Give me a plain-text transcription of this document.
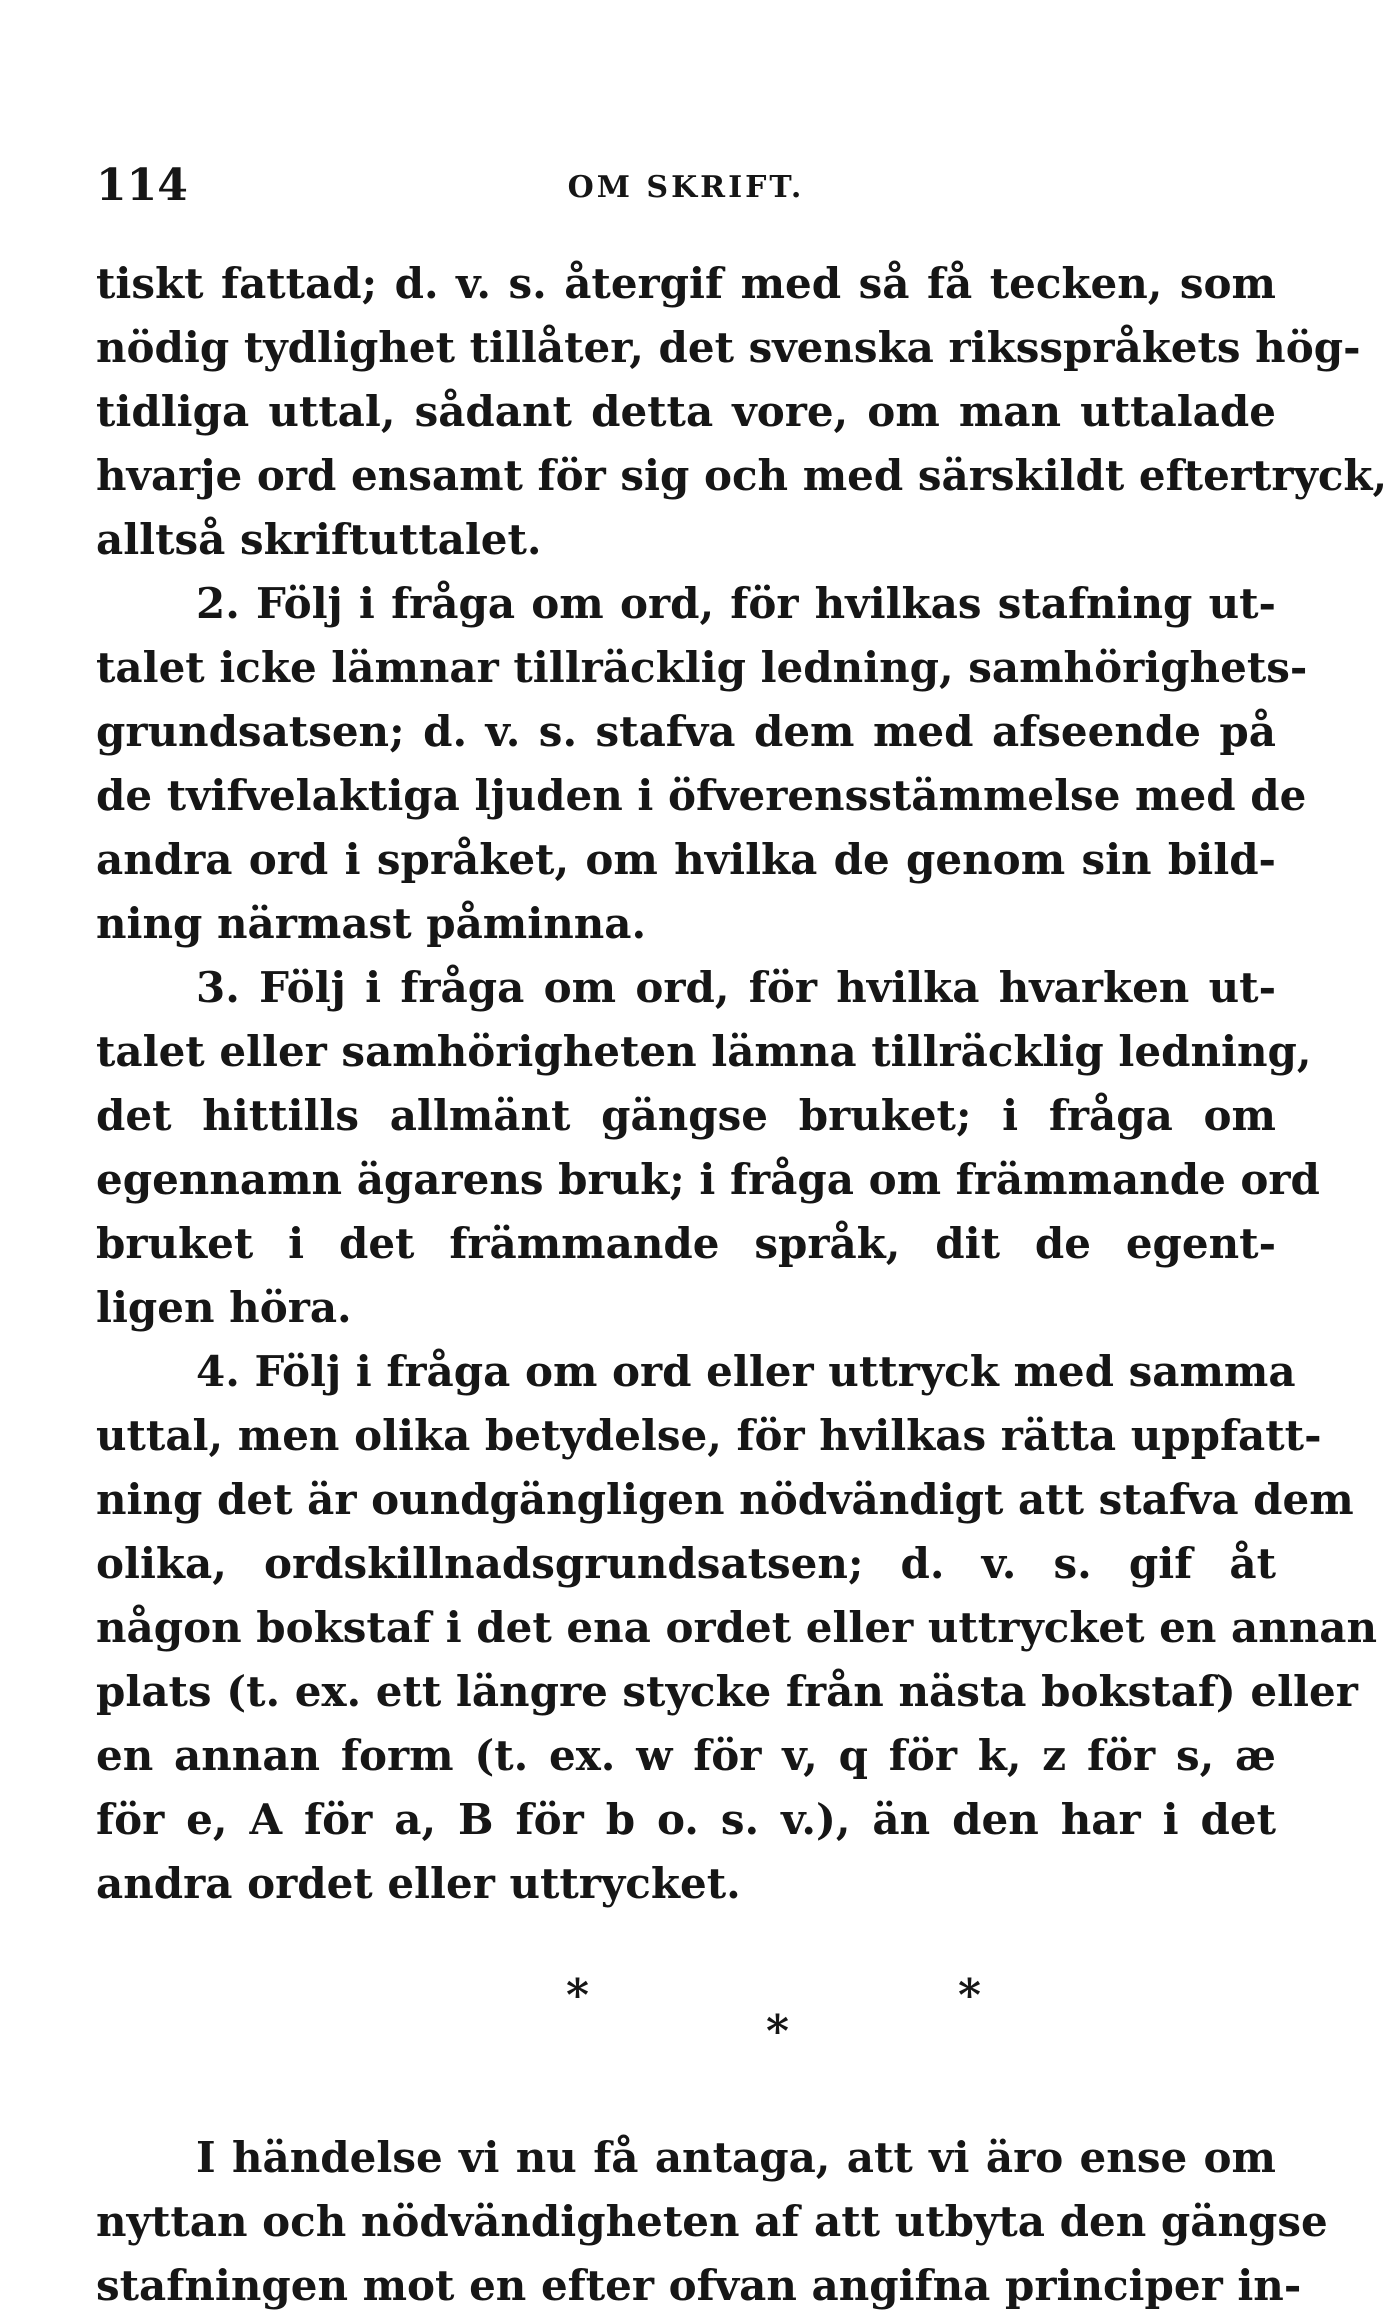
114	OM SKRIFT.
tiskt fattad; d. v. s. återgif med så få tecken, som
nödig tydlighet tillåter, det svenska riksspråkets hög-
tidliga uttal, sådant detta vore, om man uttalade
hvarje ord ensamt för sig och med särskildt eftertryck,
alltså skriftuttalet.
2. Följ i fråga om ord, för hvilkas stafning ut-
talet icke lämnar tillräcklig ledning, samhörighets-
grundsatsen; d. v. s. stafva dem med afseende på
de tvifvelaktiga ljuden i öfverensstämmelse med de
andra ord i språket, om hvilka de genom sin bild-
ning närmast påminna.
3. Följ i fråga om ord, för hvilka hvarken ut-
talet eller samhörigheten lämna tillräcklig ledning,
det hittills allmänt gängse bruket; i fråga om
egennamn ägarens bruk; i fråga om främmande ord
bruket i det främmande språk, dit de egent-
ligen höra.
4. Följ i fråga om ord eller uttryck med samma
uttal, men olika betydelse, för hvilkas rätta uppfatt-
ning det är oundgängligen nödvändigt att stafva dem
olika, ordskillnadsgrundsatsen; d. v. s. gif åt
någon bokstaf i det ena ordet eller uttrycket en annan
plats (t. ex. ett längre stycke från nästa bokstaf) eller
en annan form (t. ex. w för v, q för k, z för s, æ
för e, A för a, B för b o. s. v.), än den har i det
andra ordet eller uttrycket.
*
*
*
I händelse vi nu få antaga, att vi äro ense om
nyttan och nödvändigheten af att utbyta den gängse
stafningen mot en efter ofvan angifna principer in-
